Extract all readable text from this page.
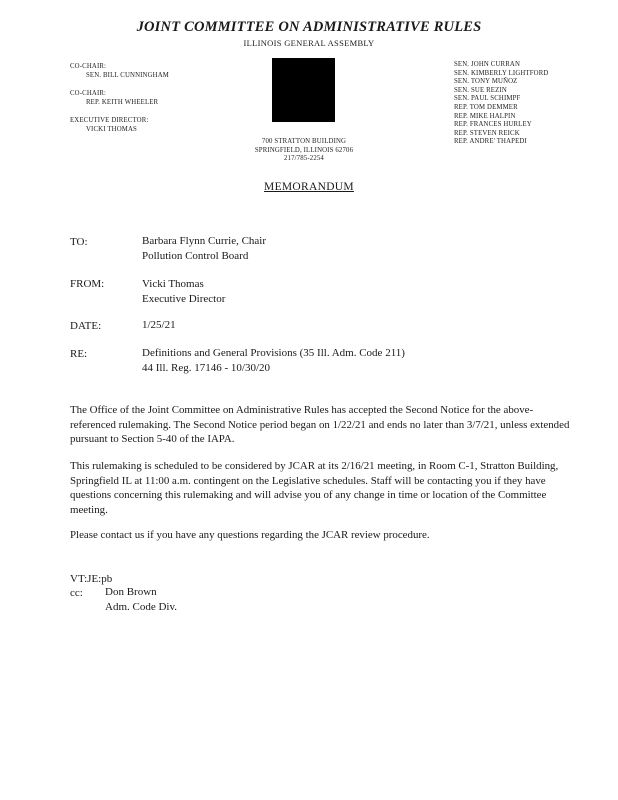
JOINT COMMITTEE ON ADMINISTRATIVE RULES
ILLINOIS GENERAL ASSEMBLY
CO-CHAIR:
SEN. BILL CUNNINGHAM
CO-CHAIR:
REP. KEITH WHEELER
EXECUTIVE DIRECTOR:
VICKI THOMAS
700 STRATTON BUILDING
SPRINGFIELD, ILLINOIS 62706
217/785-2254
SEN. JOHN CURRAN
SEN. KIMBERLY LIGHTFORD
SEN. TONY MUÑOZ
SEN. SUE REZIN
SEN. PAUL SCHIMPF
REP. TOM DEMMER
REP. MIKE HALPIN
REP. FRANCES HURLEY
REP. STEVEN REICK
REP. ANDRE' THAPEDI
MEMORANDUM
TO:	Barbara Flynn Currie, Chair
Pollution Control Board
FROM:	Vicki Thomas
Executive Director
DATE:	1/25/21
RE:	Definitions and General Provisions (35 Ill. Adm. Code 211)
44 Ill. Reg. 17146 - 10/30/20
The Office of the Joint Committee on Administrative Rules has accepted the Second Notice for the above-referenced rulemaking. The Second Notice period began on 1/22/21 and ends no later than 3/7/21, unless extended pursuant to Section 5-40 of the IAPA.
This rulemaking is scheduled to be considered by JCAR at its 2/16/21 meeting, in Room C-1, Stratton Building, Springfield IL at 11:00 a.m. contingent on the Legislative schedules. Staff will be contacting you if they have questions concerning this rulemaking and will advise you of any change in time or location of the Committee meeting.
Please contact us if you have any questions regarding the JCAR review procedure.
VT:JE:pb
cc: Don Brown
Adm. Code Div.
